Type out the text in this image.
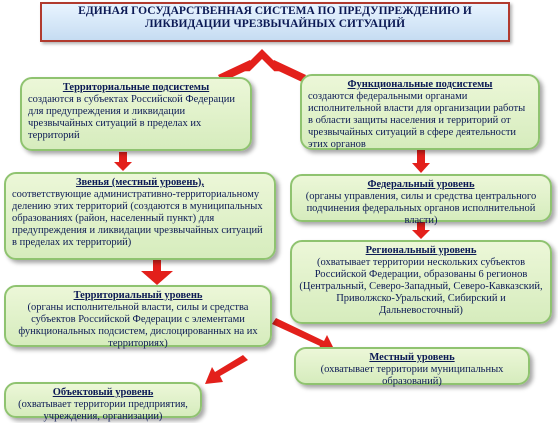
ЕДИНАЯ ГОСУДАРСТВЕННАЯ СИСТЕМА ПО ПРЕДУПРЕЖДЕНИЮ И ЛИКВИДАЦИИ ЧРЕЗВЫЧАЙНЫХ СИТУАЦИЙ
Территориальные подсистемы
создаются в субъектах Российской Федерации для предупреждения и ликвидации чрезвычайных ситуаций в пределах их территорий
Функциональные подсистемы
создаются федеральными органами исполнительной власти для организации работы в области защиты населения и территорий от чрезвычайных ситуаций в сфере деятельности этих органов
Звенья (местный уровень),
соответствующие административно-территориальному делению этих территорий (создаются в муниципальных образованиях (район, населенный пункт) для предупреждения и ликвидации чрезвычайных ситуаций в пределах их территорий)
Федеральный уровень
(органы управления, силы и средства центрального подчинения федеральных органов исполнительной власти)
Региональный уровень
(охватывает территории нескольких субъектов Российской Федерации, образованы 6 регионов (Центральный, Северо-Западный, Северо-Кавказский, Приволжско-Уральский, Сибирский и Дальневосточный)
Территориальный уровень
(органы исполнительной власти, силы и средства субъектов Российской Федерации с элементами функциональных подсистем, дислоцированных на их территориях)
Местный уровень
(охватывает территории муниципальных образований)
Объектовый уровень
(охватывает территории предприятия, учреждения, организации)
